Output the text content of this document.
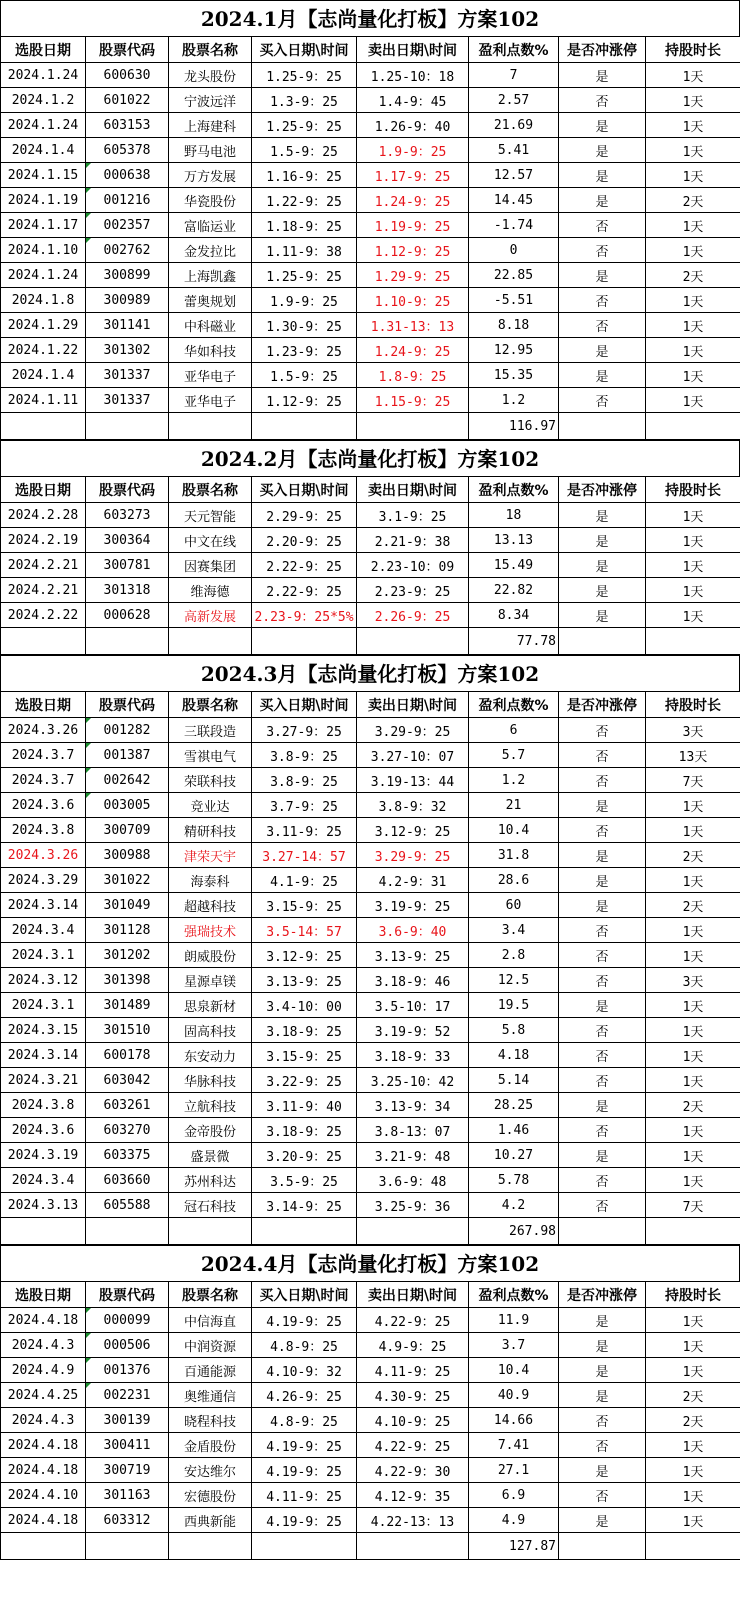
2024.1月【志尚量化打板】方案102
选股日期	股票代码	股票名称	买入日期\时间	卖出日期\时间	盈利点数%	是否冲涨停	持股时长
2024.1.24	600630	龙头股份	1.25-9：25	1.25-10：18	7	是	1天
2024.1.2	601022	宁波远洋	1.3-9：25	1.4-9：45	2.57	否	1天
2024.1.24	603153	上海建科	1.25-9：25	1.26-9：40	21.69	是	1天
2024.1.4	605378	野马电池	1.5-9：25	1.9-9：25	5.41	是	1天
2024.1.15	000638	万方发展	1.16-9：25	1.17-9：25	12.57	是	1天
2024.1.19	001216	华瓷股份	1.22-9：25	1.24-9：25	14.45	是	2天
2024.1.17	002357	富临运业	1.18-9：25	1.19-9：25	-1.74	否	1天
2024.1.10	002762	金发拉比	1.11-9：38	1.12-9：25	0	否	1天
2024.1.24	300899	上海凯鑫	1.25-9：25	1.29-9：25	22.85	是	2天
2024.1.8	300989	蕾奥规划	1.9-9：25	1.10-9：25	-5.51	否	1天
2024.1.29	301141	中科磁业	1.30-9：25	1.31-13：13	8.18	否	1天
2024.1.22	301302	华如科技	1.23-9：25	1.24-9：25	12.95	是	1天
2024.1.4	301337	亚华电子	1.5-9：25	1.8-9：25	15.35	是	1天
2024.1.11	301337	亚华电子	1.12-9：25	1.15-9：25	1.2	否	1天
					116.97		
2024.2月【志尚量化打板】方案102
选股日期	股票代码	股票名称	买入日期\时间	卖出日期\时间	盈利点数%	是否冲涨停	持股时长
2024.2.28	603273	天元智能	2.29-9：25	3.1-9：25	18	是	1天
2024.2.19	300364	中文在线	2.20-9：25	2.21-9：38	13.13	是	1天
2024.2.21	300781	因赛集团	2.22-9：25	2.23-10：09	15.49	是	1天
2024.2.21	301318	维海德	2.22-9：25	2.23-9：25	22.82	是	1天
2024.2.22	000628	高新发展	2.23-9：25*5%	2.26-9：25	8.34	是	1天
					77.78		
2024.3月【志尚量化打板】方案102
选股日期	股票代码	股票名称	买入日期\时间	卖出日期\时间	盈利点数%	是否冲涨停	持股时长
2024.3.26	001282	三联段造	3.27-9：25	3.29-9：25	6	否	3天
2024.3.7	001387	雪祺电气	3.8-9：25	3.27-10：07	5.7	否	13天
2024.3.7	002642	荣联科技	3.8-9：25	3.19-13：44	1.2	否	7天
2024.3.6	003005	竞业达	3.7-9：25	3.8-9：32	21	是	1天
2024.3.8	300709	精研科技	3.11-9：25	3.12-9：25	10.4	否	1天
2024.3.26	300988	津荣天宇	3.27-14：57	3.29-9：25	31.8	是	2天
2024.3.29	301022	海泰科	4.1-9：25	4.2-9：31	28.6	是	1天
2024.3.14	301049	超越科技	3.15-9：25	3.19-9：25	60	是	2天
2024.3.4	301128	强瑞技术	3.5-14：57	3.6-9：40	3.4	否	1天
2024.3.1	301202	朗威股份	3.12-9：25	3.13-9：25	2.8	否	1天
2024.3.12	301398	星源卓镁	3.13-9：25	3.18-9：46	12.5	否	3天
2024.3.1	301489	思泉新材	3.4-10：00	3.5-10：17	19.5	是	1天
2024.3.15	301510	固高科技	3.18-9：25	3.19-9：52	5.8	否	1天
2024.3.14	600178	东安动力	3.15-9：25	3.18-9：33	4.18	否	1天
2024.3.21	603042	华脉科技	3.22-9：25	3.25-10：42	5.14	否	1天
2024.3.8	603261	立航科技	3.11-9：40	3.13-9：34	28.25	是	2天
2024.3.6	603270	金帝股份	3.18-9：25	3.8-13：07	1.46	否	1天
2024.3.19	603375	盛景微	3.20-9：25	3.21-9：48	10.27	是	1天
2024.3.4	603660	苏州科达	3.5-9：25	3.6-9：48	5.78	否	1天
2024.3.13	605588	冠石科技	3.14-9：25	3.25-9：36	4.2	否	7天
					267.98		
2024.4月【志尚量化打板】方案102
选股日期	股票代码	股票名称	买入日期\时间	卖出日期\时间	盈利点数%	是否冲涨停	持股时长
2024.4.18	000099	中信海直	4.19-9：25	4.22-9：25	11.9	是	1天
2024.4.3	000506	中润资源	4.8-9：25	4.9-9：25	3.7	是	1天
2024.4.9	001376	百通能源	4.10-9：32	4.11-9：25	10.4	是	1天
2024.4.25	002231	奥维通信	4.26-9：25	4.30-9：25	40.9	是	2天
2024.4.3	300139	晓程科技	4.8-9：25	4.10-9：25	14.66	否	2天
2024.4.18	300411	金盾股份	4.19-9：25	4.22-9：25	7.41	否	1天
2024.4.18	300719	安达维尔	4.19-9：25	4.22-9：30	27.1	是	1天
2024.4.10	301163	宏德股份	4.11-9：25	4.12-9：35	6.9	否	1天
2024.4.18	603312	西典新能	4.19-9：25	4.22-13：13	4.9	是	1天
					127.87		
